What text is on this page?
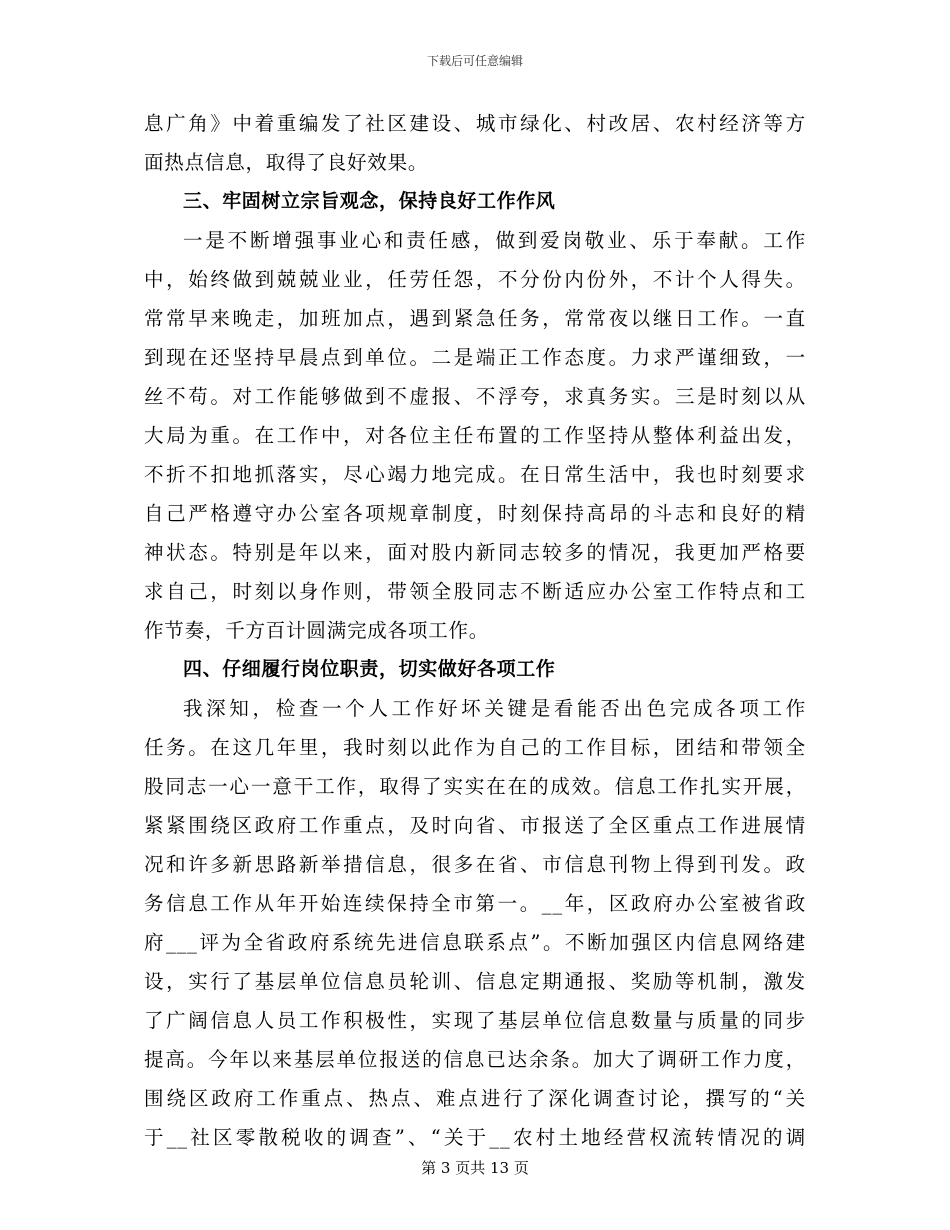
下载后可任意编辑
息广角》中着重编发了社区建设、城市绿化、村改居、农村经济等方
面热点信息，取得了良好效果。
三、牢固树立宗旨观念，保持良好工作作风
一是不断增强事业心和责任感，做到爱岗敬业、乐于奉献。工作
中，始终做到兢兢业业，任劳任怨，不分份内份外，不计个人得失。
常常早来晚走，加班加点，遇到紧急任务，常常夜以继日工作。一直
到现在还坚持早晨点到单位。二是端正工作态度。力求严谨细致，一
丝不苟。对工作能够做到不虚报、不浮夸，求真务实。三是时刻以从
大局为重。在工作中，对各位主任布置的工作坚持从整体利益出发，
不折不扣地抓落实，尽心竭力地完成。在日常生活中，我也时刻要求
自己严格遵守办公室各项规章制度，时刻保持高昂的斗志和良好的精
神状态。特别是年以来，面对股内新同志较多的情况，我更加严格要
求自己，时刻以身作则，带领全股同志不断适应办公室工作特点和工
作节奏，千方百计圆满完成各项工作。
四、仔细履行岗位职责，切实做好各项工作
我深知，检查一个人工作好坏关键是看能否出色完成各项工作
任务。在这几年里，我时刻以此作为自己的工作目标，团结和带领全
股同志一心一意干工作，取得了实实在在的成效。信息工作扎实开展，
紧紧围绕区政府工作重点，及时向省、市报送了全区重点工作进展情
况和许多新思路新举措信息，很多在省、市信息刊物上得到刊发。政
务信息工作从年开始连续保持全市第一。__年，区政府办公室被省政
府___评为全省政府系统先进信息联系点”。不断加强区内信息网络建
设，实行了基层单位信息员轮训、信息定期通报、奖励等机制，激发
了广阔信息人员工作积极性，实现了基层单位信息数量与质量的同步
提高。今年以来基层单位报送的信息已达余条。加大了调研工作力度，
围绕区政府工作重点、热点、难点进行了深化调查讨论，撰写的“关
于__社区零散税收的调查”、“关于__农村土地经营权流转情况的调
第 3 页共 13 页
